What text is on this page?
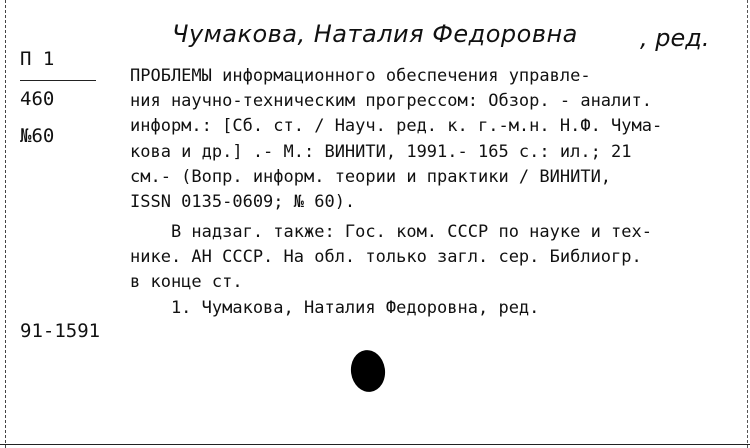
Чумакова, Наталия Федоровна	, ред.
П 1
460
№60
ПРОБЛЕМЫ информационного обеспечения управле-
ния научно-техническим прогрессом: Обзор. - аналит.
информ.: [Сб. ст. / Науч. ред. к. г.-м.н. Н.Ф. Чума-
кова и др.] .- М.: ВИНИТИ, 1991.- 165 с.: ил.; 21
см.- (Вопр. информ. теории и практики / ВИНИТИ,
ISSN 0135-0609; № 60).
В надзаг. также: Гос. ком. СССР по науке и тех-
нике. АН СССР. На обл. только загл. сер. Библиогр.
в конце ст.
1. Чумакова, Наталия Федоровна, ред.
91-1591
